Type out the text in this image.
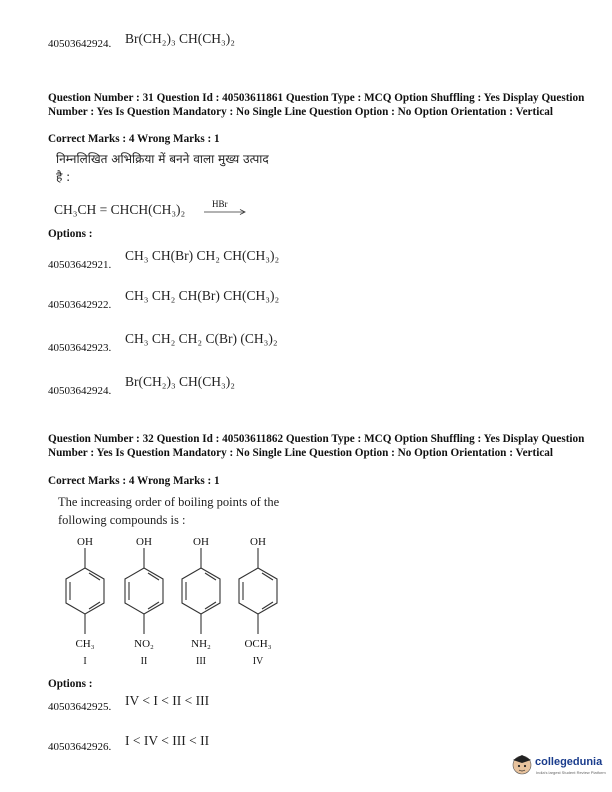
40503642924. Br(CH₂)₃ CH(CH₃)₂
Question Number : 31 Question Id : 40503611861 Question Type : MCQ Option Shuffling : Yes Display Question Number : Yes Is Question Mandatory : No Single Line Question Option : No Option Orientation : Vertical
Correct Marks : 4 Wrong Marks : 1
निम्नलिखित अभिक्रिया में बनने वाला मुख्य उत्पाद
है :
CH₃CH = CHCH(CH₃)₂	HBr
Options :
40503642921.
CH₃ CH(Br) CH₂ CH(CH₃)₂
40503642922.
CH₃ CH₂ CH(Br) CH(CH₃)₂
40503642923.
CH₃ CH₂ CH₂ C(Br) (CH₃)₂
40503642924.
Br(CH₂)₃ CH(CH₃)₂
Question Number : 32 Question Id : 40503611862 Question Type : MCQ Option Shuffling : Yes Display Question Number : Yes Is Question Mandatory : No Single Line Question Option : No Option Orientation : Vertical
Correct Marks : 4 Wrong Marks : 1
The increasing order of boiling points of the
following compounds is :
OH	OH	OH	OH
CH₃	NO₂	NH₂	OCH₃
I	II	III	IV
Options :
40503642925. IV < I < II < III
40503642926. I < IV < III < II
collegedunia
India's largest Student Review Platform
